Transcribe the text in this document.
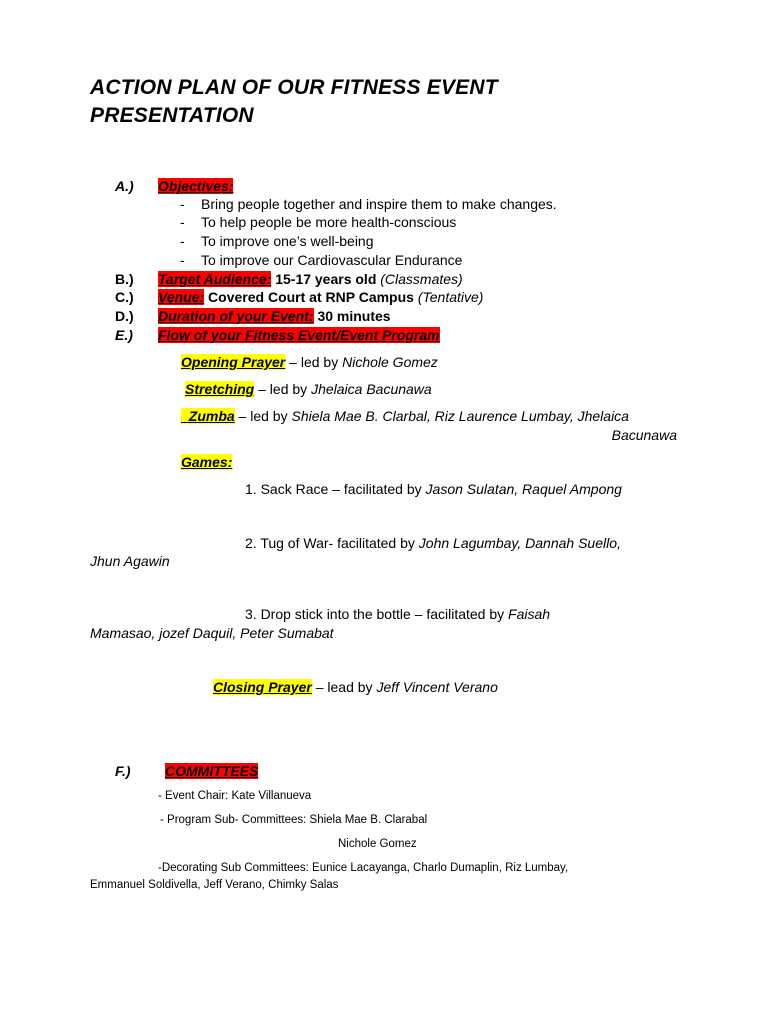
ACTION PLAN OF OUR FITNESS EVENT
PRESENTATION
A.) Objectives:
- Bring people together and inspire them to make changes.
- To help people be more health-conscious
- To improve one’s well-being
- To improve our Cardiovascular Endurance
B.) Target Audience: 15-17 years old (Classmates)
C.) Venue: Covered Court at RNP Campus (Tentative)
D.) Duration of your Event: 30 minutes
E.) Flow of your Fitness Event/Event Program
Opening Prayer – led by Nichole Gomez
Stretching – led by Jhelaica Bacunawa
Zumba – led by Shiela Mae B. Clarbal, Riz Laurence Lumbay, Jhelaica
Bacunawa
Games:
1. Sack Race – facilitated by Jason Sulatan, Raquel Ampong
2. Tug of War- facilitated by John Lagumbay, Dannah Suello,
Jhun Agawin
3. Drop stick into the bottle – facilitated by Faisah
Mamasao, jozef Daquil, Peter Sumabat
Closing Prayer – lead by Jeff Vincent Verano
F.) COMMITTEES
- Event Chair: Kate Villanueva
- Program Sub- Committees: Shiela Mae B. Clarabal
Nichole Gomez
-Decorating Sub Committees: Eunice Lacayanga, Charlo Dumaplin, Riz Lumbay,
Emmanuel Soldivella, Jeff Verano, Chimky Salas
